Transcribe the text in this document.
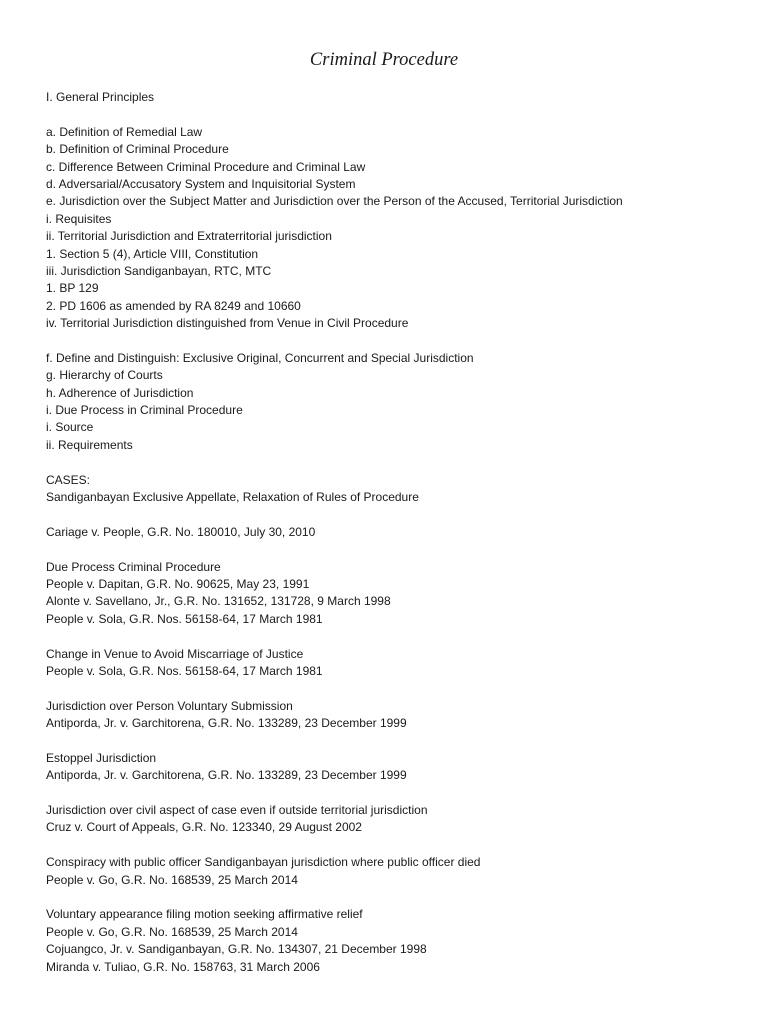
Criminal Procedure
I. General Principles
a. Definition of Remedial Law
b. Definition of Criminal Procedure
c. Difference Between Criminal Procedure and Criminal Law
d. Adversarial/Accusatory System and Inquisitorial System
e. Jurisdiction over the Subject Matter and Jurisdiction over the Person of the Accused, Territorial Jurisdiction
i. Requisites
ii. Territorial Jurisdiction and Extraterritorial jurisdiction
1. Section 5 (4), Article VIII, Constitution
iii. Jurisdiction Sandiganbayan, RTC, MTC
1. BP 129
2. PD 1606 as amended by RA 8249 and 10660
iv. Territorial Jurisdiction distinguished from Venue in Civil Procedure
f. Define and Distinguish: Exclusive Original, Concurrent and Special Jurisdiction
g. Hierarchy of Courts
h. Adherence of Jurisdiction
i. Due Process in Criminal Procedure
i. Source
ii. Requirements
CASES:
Sandiganbayan Exclusive Appellate, Relaxation of Rules of Procedure
Cariage v. People, G.R. No. 180010, July 30, 2010
Due Process Criminal Procedure
People v. Dapitan, G.R. No. 90625, May 23, 1991
Alonte v. Savellano, Jr., G.R. No. 131652, 131728, 9 March 1998
People v. Sola, G.R. Nos. 56158-64, 17 March 1981
Change in Venue to Avoid Miscarriage of Justice
People v. Sola, G.R. Nos. 56158-64, 17 March 1981
Jurisdiction over Person Voluntary Submission
Antiporda, Jr. v. Garchitorena, G.R. No. 133289, 23 December 1999
Estoppel Jurisdiction
Antiporda, Jr. v. Garchitorena, G.R. No. 133289, 23 December 1999
Jurisdiction over civil aspect of case even if outside territorial jurisdiction
Cruz v. Court of Appeals, G.R. No. 123340, 29 August 2002
Conspiracy with public officer Sandiganbayan jurisdiction where public officer died
People v. Go, G.R. No. 168539, 25 March 2014
Voluntary appearance filing motion seeking affirmative relief
People v. Go, G.R. No. 168539, 25 March 2014
Cojuangco, Jr. v. Sandiganbayan, G.R. No. 134307, 21 December 1998
Miranda v. Tuliao, G.R. No. 158763, 31 March 2006
